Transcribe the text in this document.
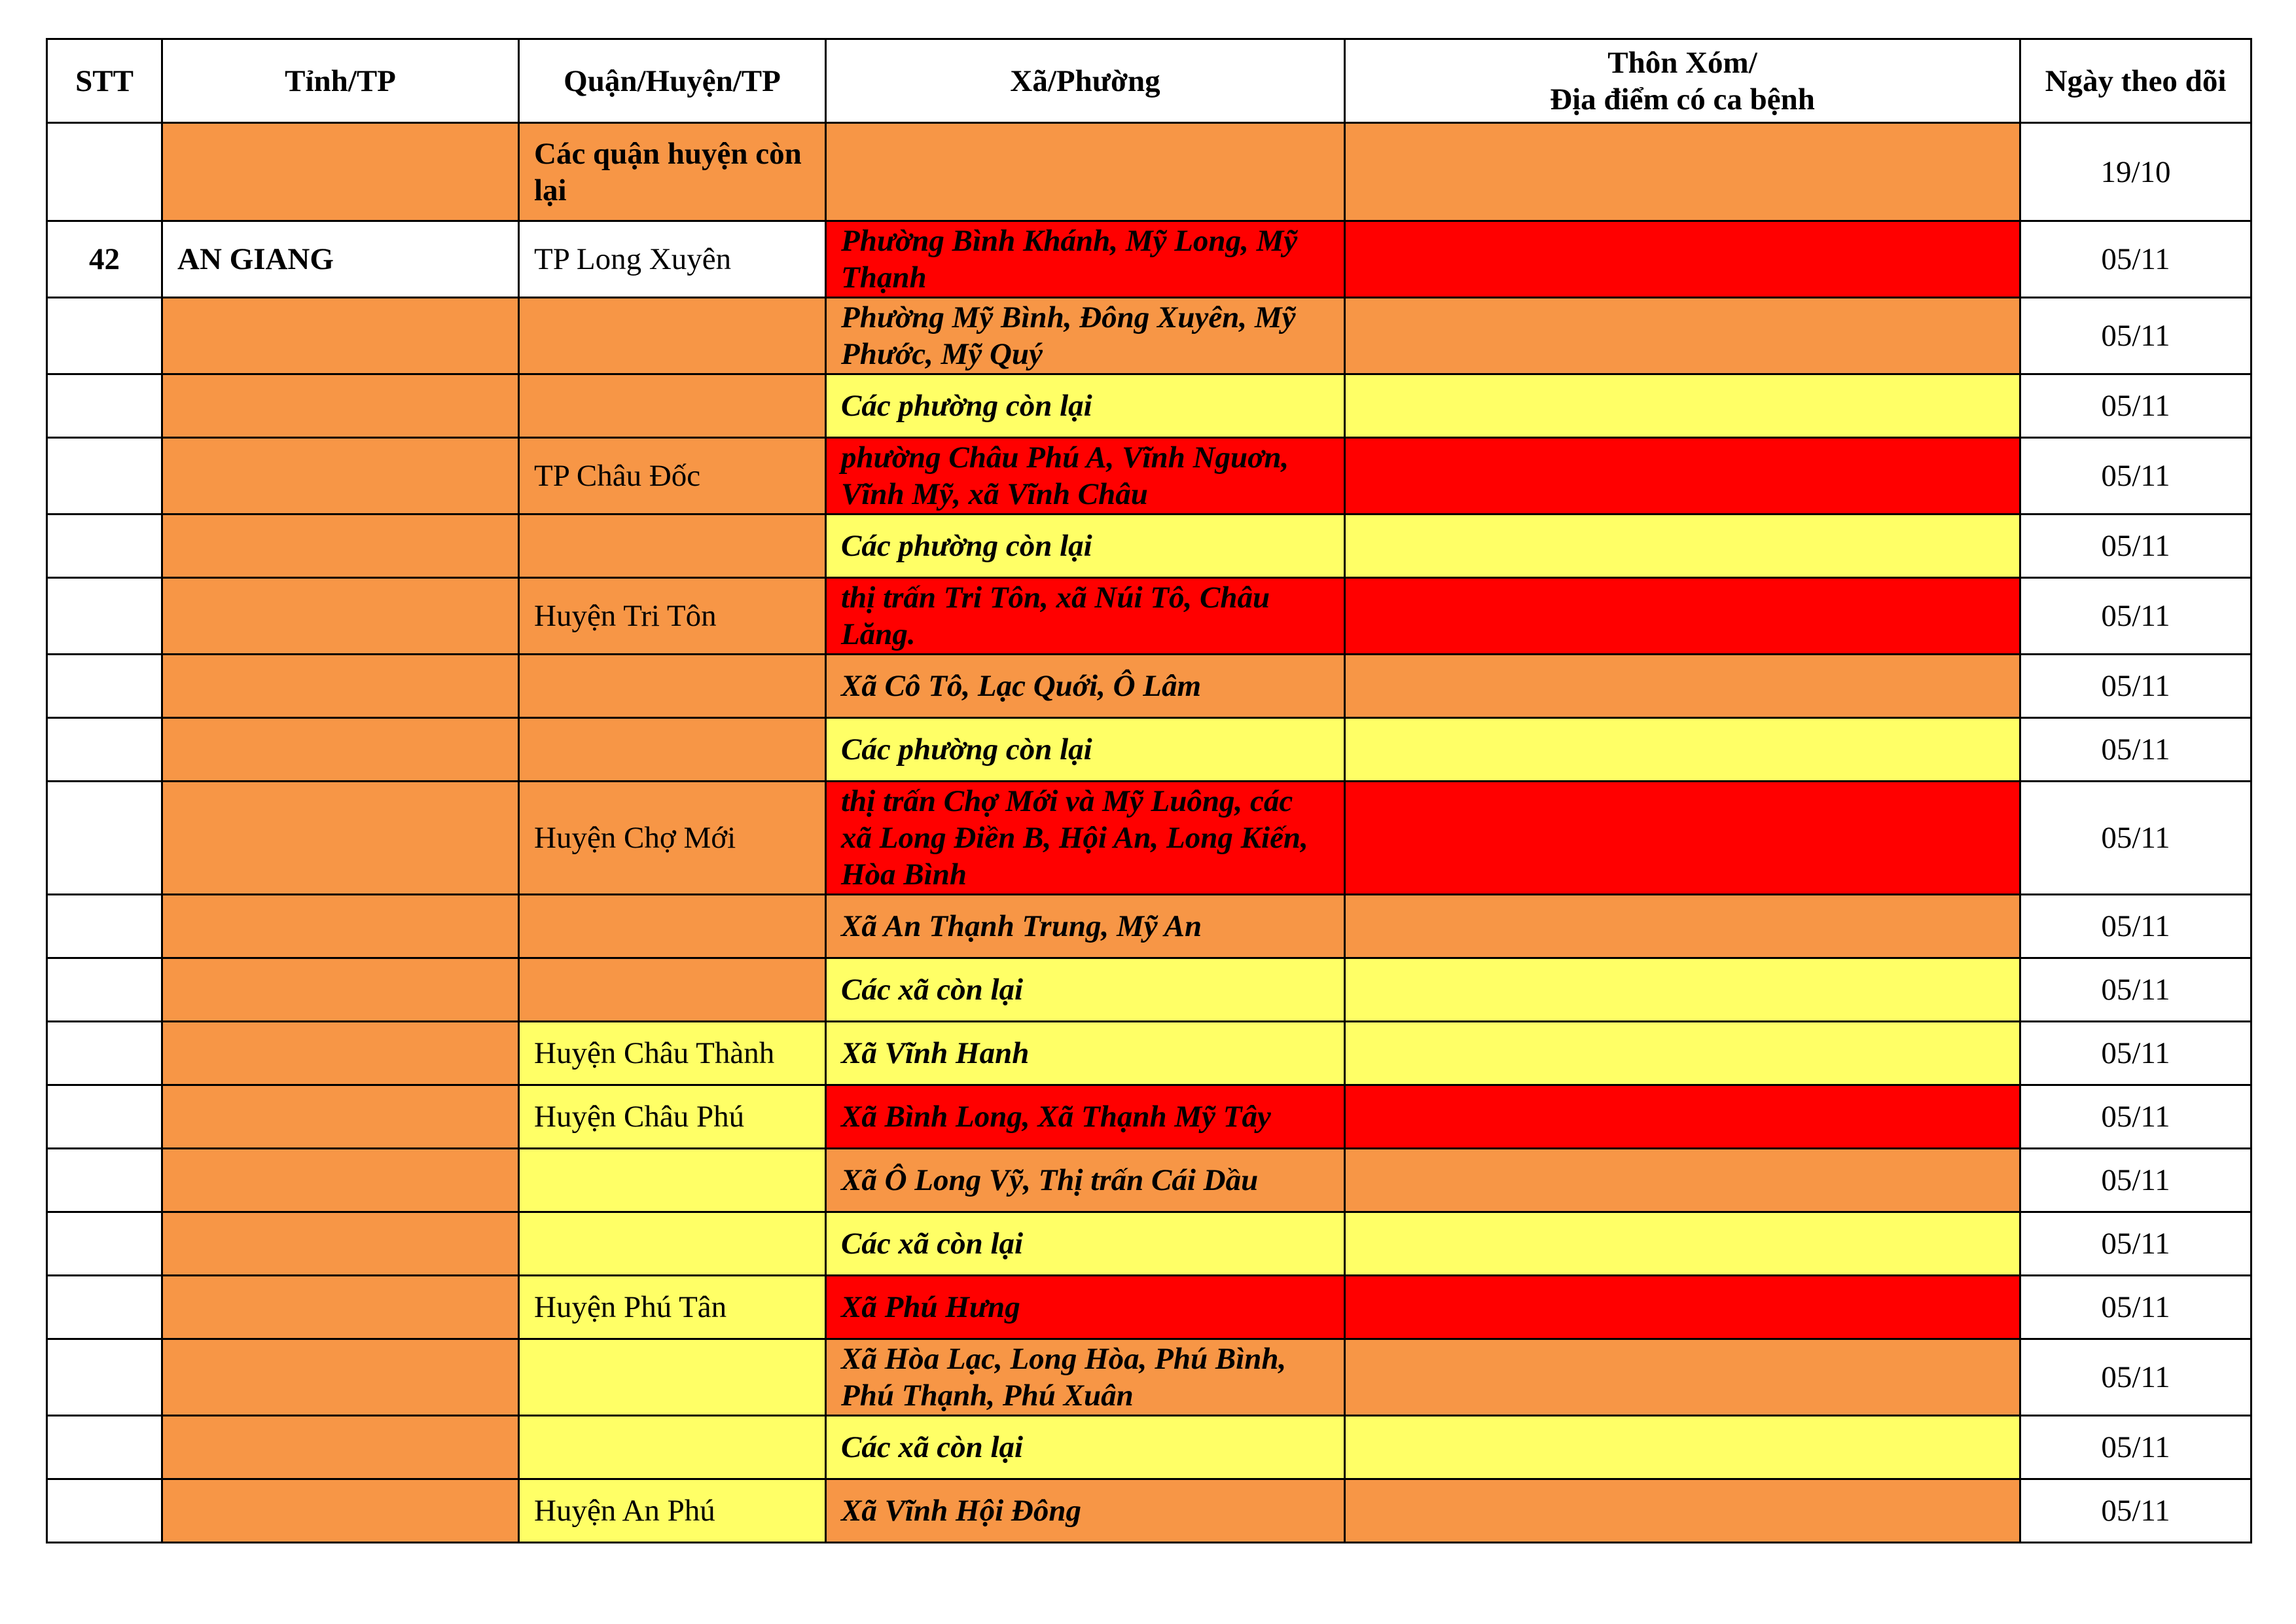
STT	Tỉnh/TP	Quận/Huyện/TP	Xã/Phường	Thôn Xóm/
Địa điểm có ca bệnh	Ngày theo dõi
		Các quận huyện còn lại			19/10
42	AN GIANG	TP Long Xuyên	Phường Bình Khánh, Mỹ Long, Mỹ Thạnh		05/11
			Phường Mỹ Bình, Đông Xuyên, Mỹ Phước, Mỹ Quý		05/11
			Các phường còn lại		05/11
		TP Châu Đốc	phường Châu Phú A, Vĩnh Nguơn, Vĩnh Mỹ, xã Vĩnh Châu		05/11
			Các phường còn lại		05/11
		Huyện Tri Tôn	thị trấn Tri Tôn, xã Núi Tô, Châu Lăng.		05/11
			Xã Cô Tô, Lạc Quới, Ô Lâm		05/11
			Các phường còn lại		05/11
		Huyện Chợ Mới	thị trấn Chợ Mới và Mỹ Luông, các xã Long Điền B, Hội An, Long Kiến, Hòa Bình		05/11
			Xã An Thạnh Trung, Mỹ An		05/11
			Các xã còn lại		05/11
		Huyện Châu Thành	Xã Vĩnh Hanh		05/11
		Huyện Châu Phú	Xã Bình Long, Xã Thạnh Mỹ Tây		05/11
			Xã Ô Long Vỹ, Thị trấn Cái Dầu		05/11
			Các xã còn lại		05/11
		Huyện Phú Tân	Xã Phú Hưng		05/11
			Xã Hòa Lạc, Long Hòa, Phú Bình, Phú Thạnh, Phú Xuân		05/11
			Các xã còn lại		05/11
		Huyện An Phú	Xã Vĩnh Hội Đông		05/11
